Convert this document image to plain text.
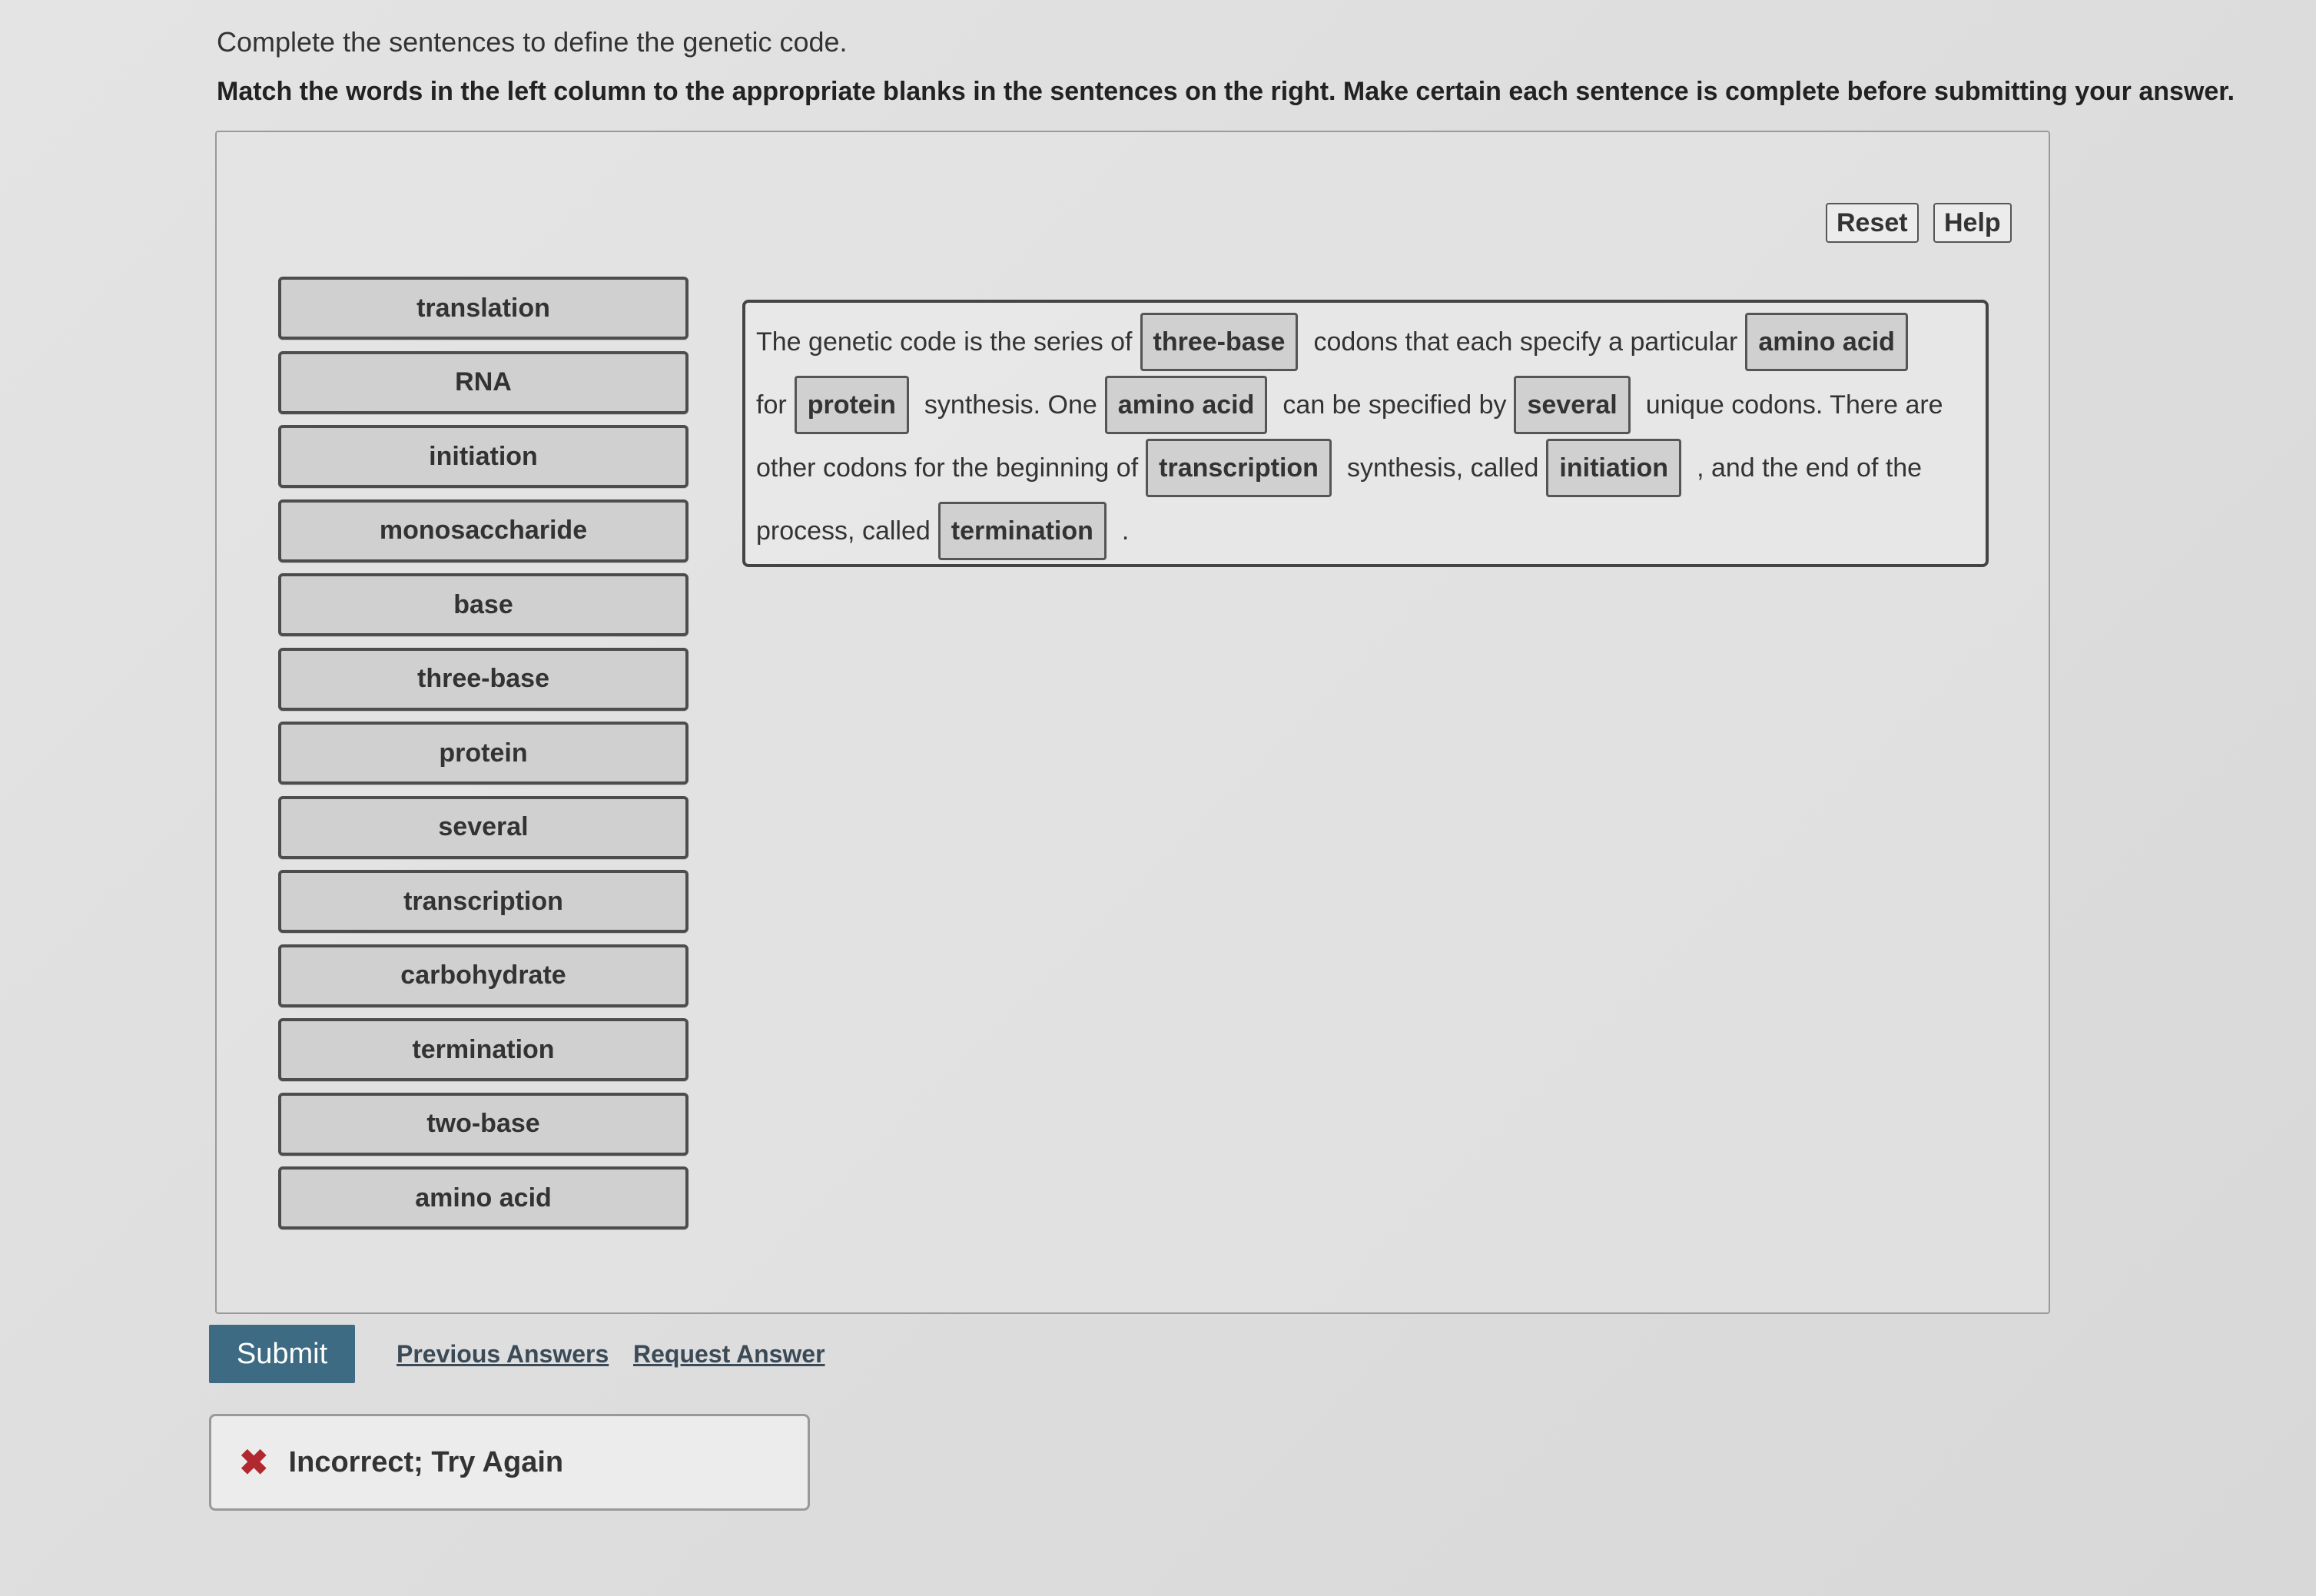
Complete the sentences to define the genetic code.
Match the words in the left column to the appropriate blanks in the sentences on the right. Make certain each sentence is complete before submitting your answer.
Reset	Help
translation
RNA
initiation
monosaccharide
base
three-base
protein
several
transcription
carbohydrate
termination
two-base
amino acid
The genetic code is the series of three-base	codons that each specify a particular amino acid
for protein	synthesis. One amino acid	can be specified by several	unique codons. There are
other codons for the beginning of transcription	synthesis, called initiation	, and the end of the
process, called termination	.
Submit	Previous Answers Request Answer
✖ Incorrect; Try Again
